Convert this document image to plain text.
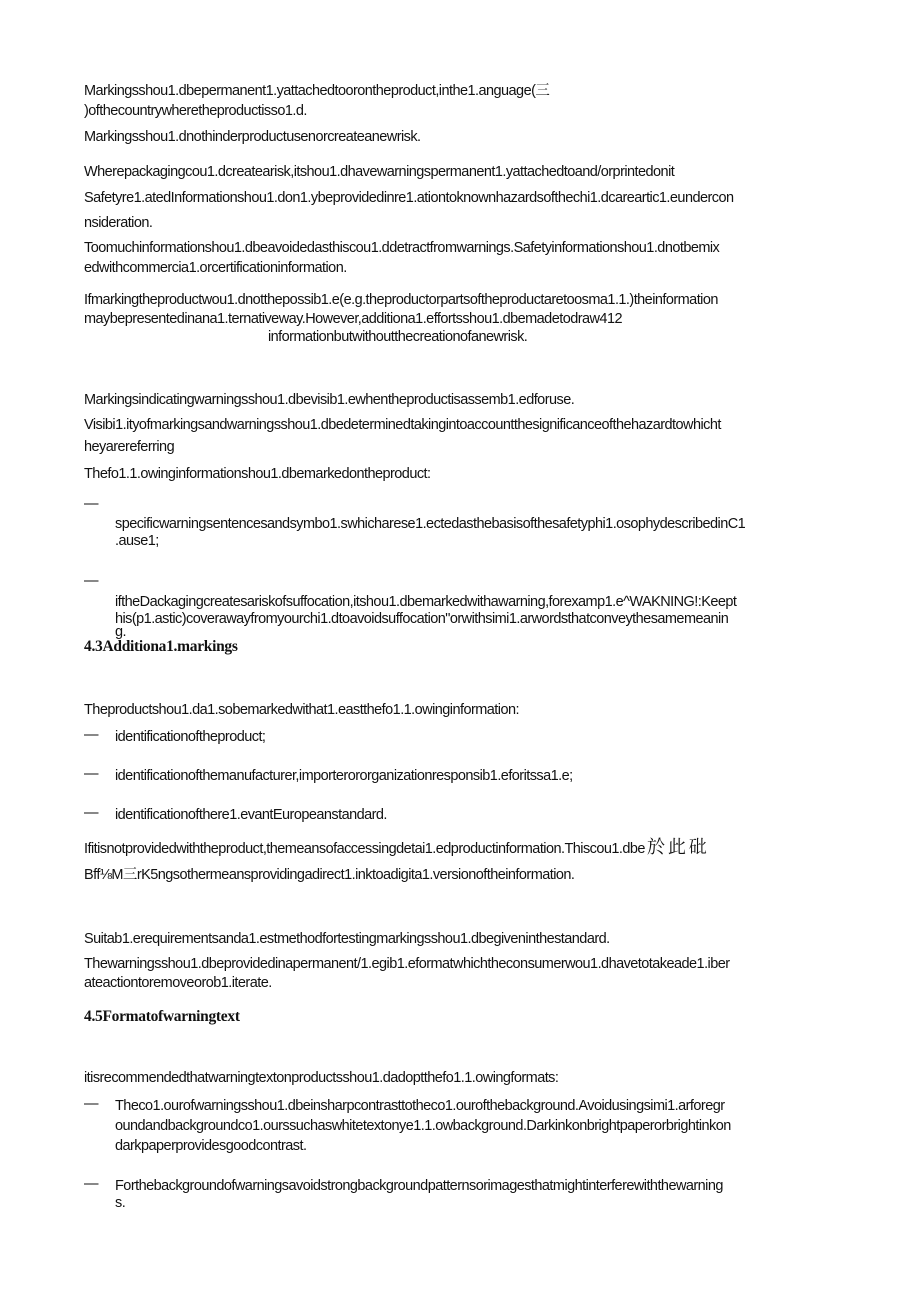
Markingsshou1.dbepermanent1.yattachedtoorontheproduct,inthe1.anguage(三
)ofthecountrywheretheproductisso1.d.
Markingsshou1.dnothinderproductusenorcreateanewrisk.
Wherepackagingcou1.dcreatearisk,itshou1.dhavewarningspermanent1.yattachedtoand/orprintedonit
Safetyre1.atedInformationshou1.don1.ybeprovidedinre1.ationtoknownhazardsofthechi1.dcareartic1.eundercon
nsideration.
Toomuchinformationshou1.dbeavoidedasthiscou1.ddetractfromwarnings.Safetyinformationshou1.dnotbemix
edwithcommercia1.orcertificationinformation.
Ifmarkingtheproductwou1.dnotthepossib1.e(e.g.theproductorpartsoftheproductaretoosma1.1.)theinformation
maybepresentedinana1.ternativeway.However,additiona1.effortsshou1.dbemadetodraw412
informationbutwithoutthecreationofanewrisk.
Markingsindicatingwarningsshou1.dbevisib1.ewhentheproductisassemb1.edforuse.
Visibi1.ityofmarkingsandwarningsshou1.dbedeterminedtakingintoaccountthesignificanceofthehazardtowhicht
heyarereferring
Thefo1.1.owinginformationshou1.dbemarkedontheproduct:
—
specificwarningsentencesandsymbo1.swhicharese1.ectedasthebasisofthesafetyphi1.osophydescribedinC1
.ause1;
—
iftheDackagingcreatesariskofsuffocation,itshou1.dbemarkedwithawarning,forexamp1.e^WAKNING!:Keept
his(p1.astic)coverawayfromyourchi1.dtoavoidsuffocation"orwithsimi1.arwordsthatconveythesamemeanin
g.
4.3Additiona1.markings
Theproductshou1.da1.sobemarkedwithat1.eastthefo1.1.owinginformation:
— identificationoftheproduct;
— identificationofthemanufacturer,importerororganizationresponsib1.eforitssa1.e;
— identificationofthere1.evantEuropeanstandard.
Ifitisnotprovidedwiththeproduct,themeansofaccessingdetai1.edproductinformation.Thiscou1.dbe 於此砒
Bff⅛M三rK5ngsothermeansprovidingadirect1.inktoadigita1.versionoftheinformation.
Suitab1.erequirementsanda1.estmethodfortestingmarkingsshou1.dbegiveninthestandard.
Thewarningsshou1.dbeprovidedinapermanent/1.egib1.eformatwhichtheconsumerwou1.dhavetotakeade1.iber
ateactiontoremoveorob1.iterate.
4.5Formatofwarningtext
itisrecommendedthatwarningtextonproductsshou1.dadoptthefo1.1.owingformats:
— Theco1.ourofwarningsshou1.dbeinsharpcontrasttotheco1.ourofthebackground.Avoidusingsimi1.arforegr
oundandbackgroundco1.ourssuchaswhitetextonye1.1.owbackground.Darkinkonbrightpaperorbrightinkon
darkpaperprovidesgoodcontrast.
— Forthebackgroundofwarningsavoidstrongbackgroundpatternsorimagesthatmightinterferewiththewarning
s.
